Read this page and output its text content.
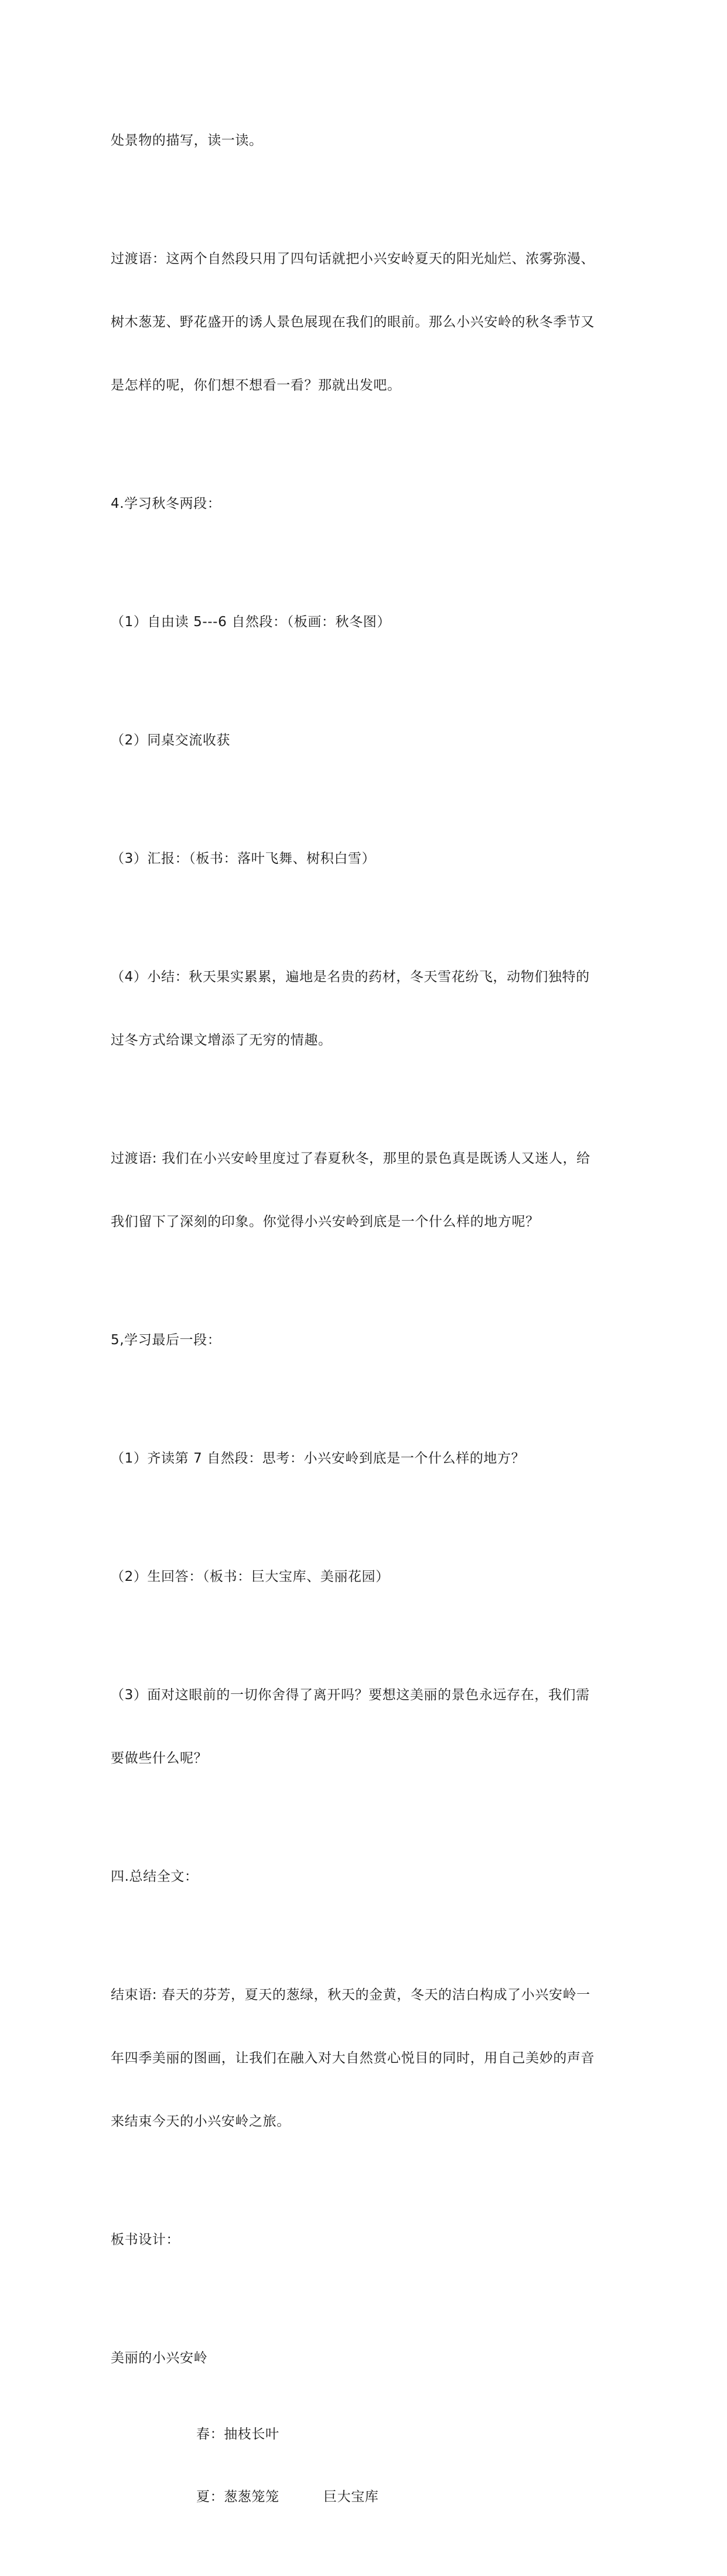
处景物的描写，读一读。

过渡语：这两个自然段只用了四句话就把小兴安岭夏天的阳光灿烂、浓雾弥漫、

树木葱茏、野花盛开的诱人景色展现在我们的眼前。那么小兴安岭的秋冬季节又

是怎样的呢，你们想不想看一看？那就出发吧。

4.学习秋冬两段：

（1）自由读 5---6 自然段：（板画：秋冬图）

（2）同桌交流收获

（3）汇报：（板书：落叶飞舞、树积白雪）

（4）小结：秋天果实累累，遍地是名贵的药材，冬天雪花纷飞，动物们独特的

过冬方式给课文增添了无穷的情趣。

过渡语: 我们在小兴安岭里度过了春夏秋冬，那里的景色真是既诱人又迷人，给

我们留下了深刻的印象。你觉得小兴安岭到底是一个什么样的地方呢？

5,学习最后一段：

（1）齐读第 7 自然段：思考：小兴安岭到底是一个什么样的地方？

（2）生回答：（板书：巨大宝库、美丽花园）

（3）面对这眼前的一切你舍得了离开吗？要想这美丽的景色永远存在，我们需

要做些什么呢？

四.总结全文：

结束语: 春天的芬芳，夏天的葱绿，秋天的金黄，冬天的洁白构成了小兴安岭一

年四季美丽的图画，让我们在融入对大自然赏心悦目的同时，用自己美妙的声音

来结束今天的小兴安岭之旅。

板书设计：

美丽的小兴安岭

春：抽枝长叶
夏：葱葱笼笼	巨大宝库
